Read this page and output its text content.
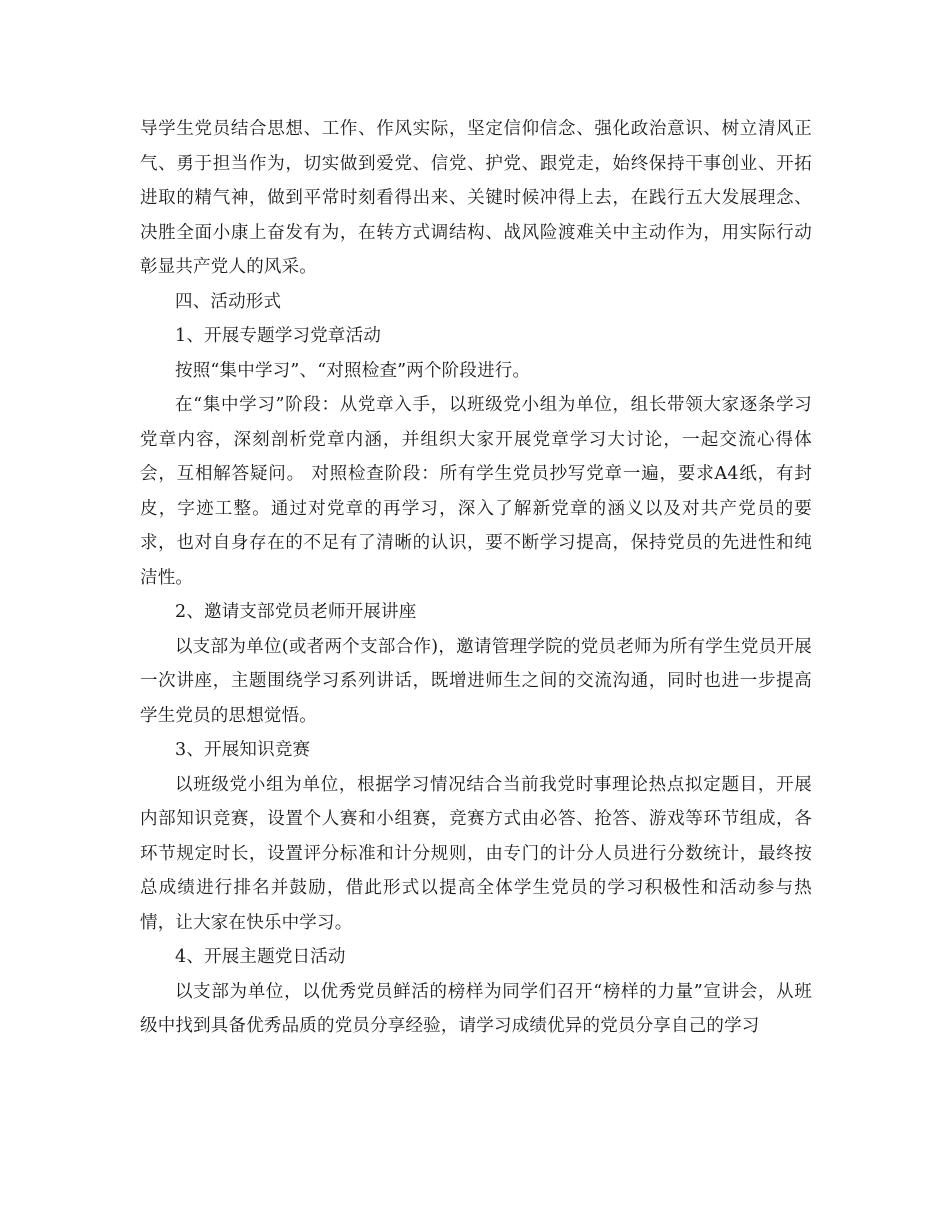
导学生党员结合思想、工作、作风实际，坚定信仰信念、强化政治意识、树立清风正气、勇于担当作为，切实做到爱党、信党、护党、跟党走，始终保持干事创业、开拓进取的精气神，做到平常时刻看得出来、关键时候冲得上去，在践行五大发展理念、决胜全面小康上奋发有为，在转方式调结构、战风险渡难关中主动作为，用实际行动彰显共产党人的风采。

四、活动形式

1、开展专题学习党章活动

按照“集中学习”、“对照检查”两个阶段进行。

在“集中学习”阶段：从党章入手，以班级党小组为单位，组长带领大家逐条学习党章内容，深刻剖析党章内涵，并组织大家开展党章学习大讨论，一起交流心得体会，互相解答疑问。 对照检查阶段：所有学生党员抄写党章一遍，要求A4纸，有封皮，字迹工整。通过对党章的再学习，深入了解新党章的涵义以及对共产党员的要求，也对自身存在的不足有了清晰的认识，要不断学习提高，保持党员的先进性和纯洁性。

2、邀请支部党员老师开展讲座

以支部为单位(或者两个支部合作)，邀请管理学院的党员老师为所有学生党员开展一次讲座，主题围绕学习系列讲话，既增进师生之间的交流沟通，同时也进一步提高学生党员的思想觉悟。

3、开展知识竞赛

以班级党小组为单位，根据学习情况结合当前我党时事理论热点拟定题目，开展内部知识竞赛，设置个人赛和小组赛，竞赛方式由必答、抢答、游戏等环节组成，各环节规定时长，设置评分标准和计分规则，由专门的计分人员进行分数统计，最终按总成绩进行排名并鼓励，借此形式以提高全体学生党员的学习积极性和活动参与热情，让大家在快乐中学习。

4、开展主题党日活动

以支部为单位，以优秀党员鲜活的榜样为同学们召开“榜样的力量”宣讲会，从班级中找到具备优秀品质的党员分享经验，请学习成绩优异的党员分享自己的学习
